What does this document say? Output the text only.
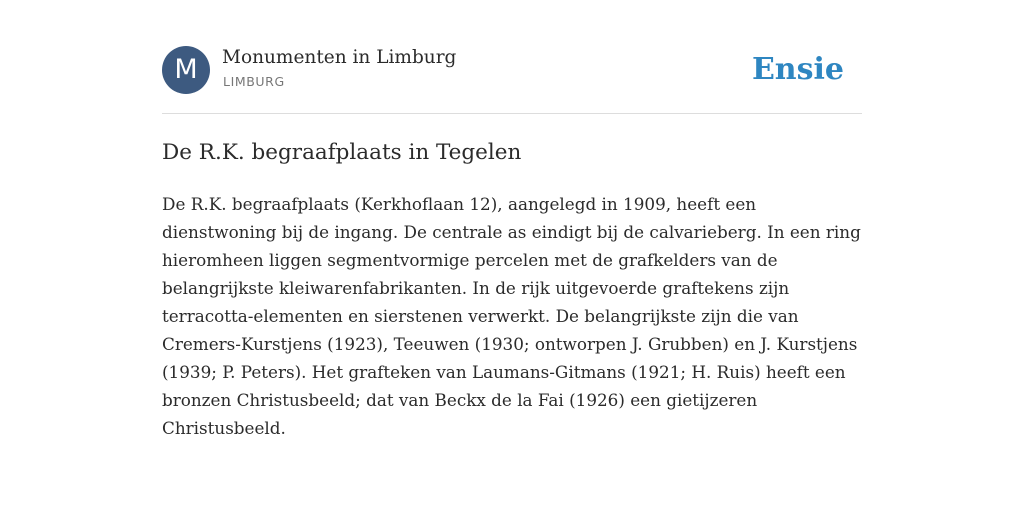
M	Monumenten in Limburg
LIMBURG	Ensie
De R.K. begraafplaats in Tegelen
De R.K. begraafplaats (Kerkhoflaan 12), aangelegd in 1909, heeft een
dienstwoning bij de ingang. De centrale as eindigt bij de calvarieberg. In een ring
hieromheen liggen segmentvormige percelen met de grafkelders van de
belangrijkste kleiwarenfabrikanten. In de rijk uitgevoerde graftekens zijn
terracotta-elementen en sierstenen verwerkt. De belangrijkste zijn die van
Cremers-Kurstjens (1923), Teeuwen (1930; ontworpen J. Grubben) en J. Kurstjens
(1939; P. Peters). Het grafteken van Laumans-Gitmans (1921; H. Ruis) heeft een
bronzen Christusbeeld; dat van Beckx de la Fai (1926) een gietijzeren
Christusbeeld.
